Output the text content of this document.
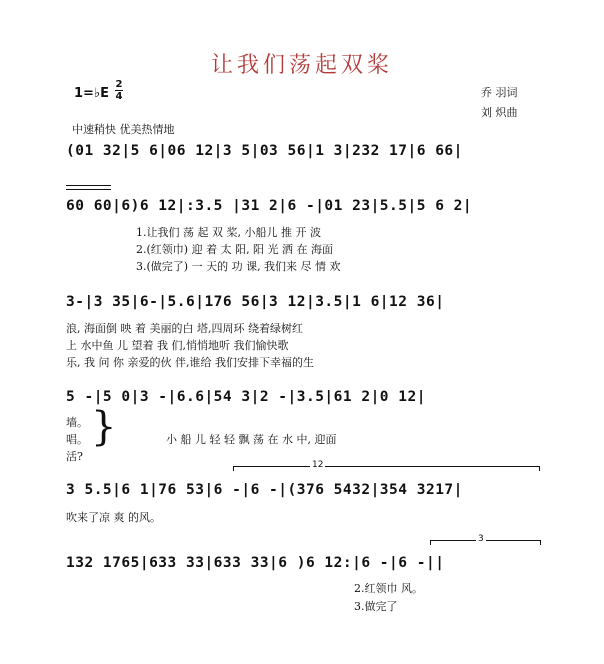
让我们荡起双桨
1=♭E
2
4	乔 羽词
刘 炽曲
中速稍快 优美热情地
(01 32|5 6|06 12|3 5|03 56|1 3|232 17|6 66|
60 60|6)6 12|:3.5 |31 2|6 -|01 23|5.5|5 6 2|
1.让我们 荡 起 双 桨, 小船儿 推 开 波
2.(红领巾) 迎 着 太 阳, 阳 光 洒 在 海面
3.(做完了) 一 天的 功 课, 我们来 尽 情 欢
3-|3 35|6-|5.6|176 56|3 12|3.5|1 6|12 36|
浪, 海面倒 映 着 美丽的白 塔,四周环 绕着绿树红
上 水中鱼 儿 望着 我 们,悄悄地听 我们愉快歌
乐, 我 问 你 亲爱的伙 伴,谁给 我们安排下幸福的生
5 -|5 0|3 -|6.6|54 3|2 -|3.5|61 2|0 12|
墙。
唱。
活?
}	小 船 儿 轻 轻 飘 荡 在 水 中, 迎面
12
3 5.5|6 1|76 53|6 -|6 -|(376 5432|354 3217|
吹来了凉 爽 的风。
3
132 1765|633 33|633 33|6 )6 12:|6 -|6 -||
2.红领巾 风。
3.做完了
